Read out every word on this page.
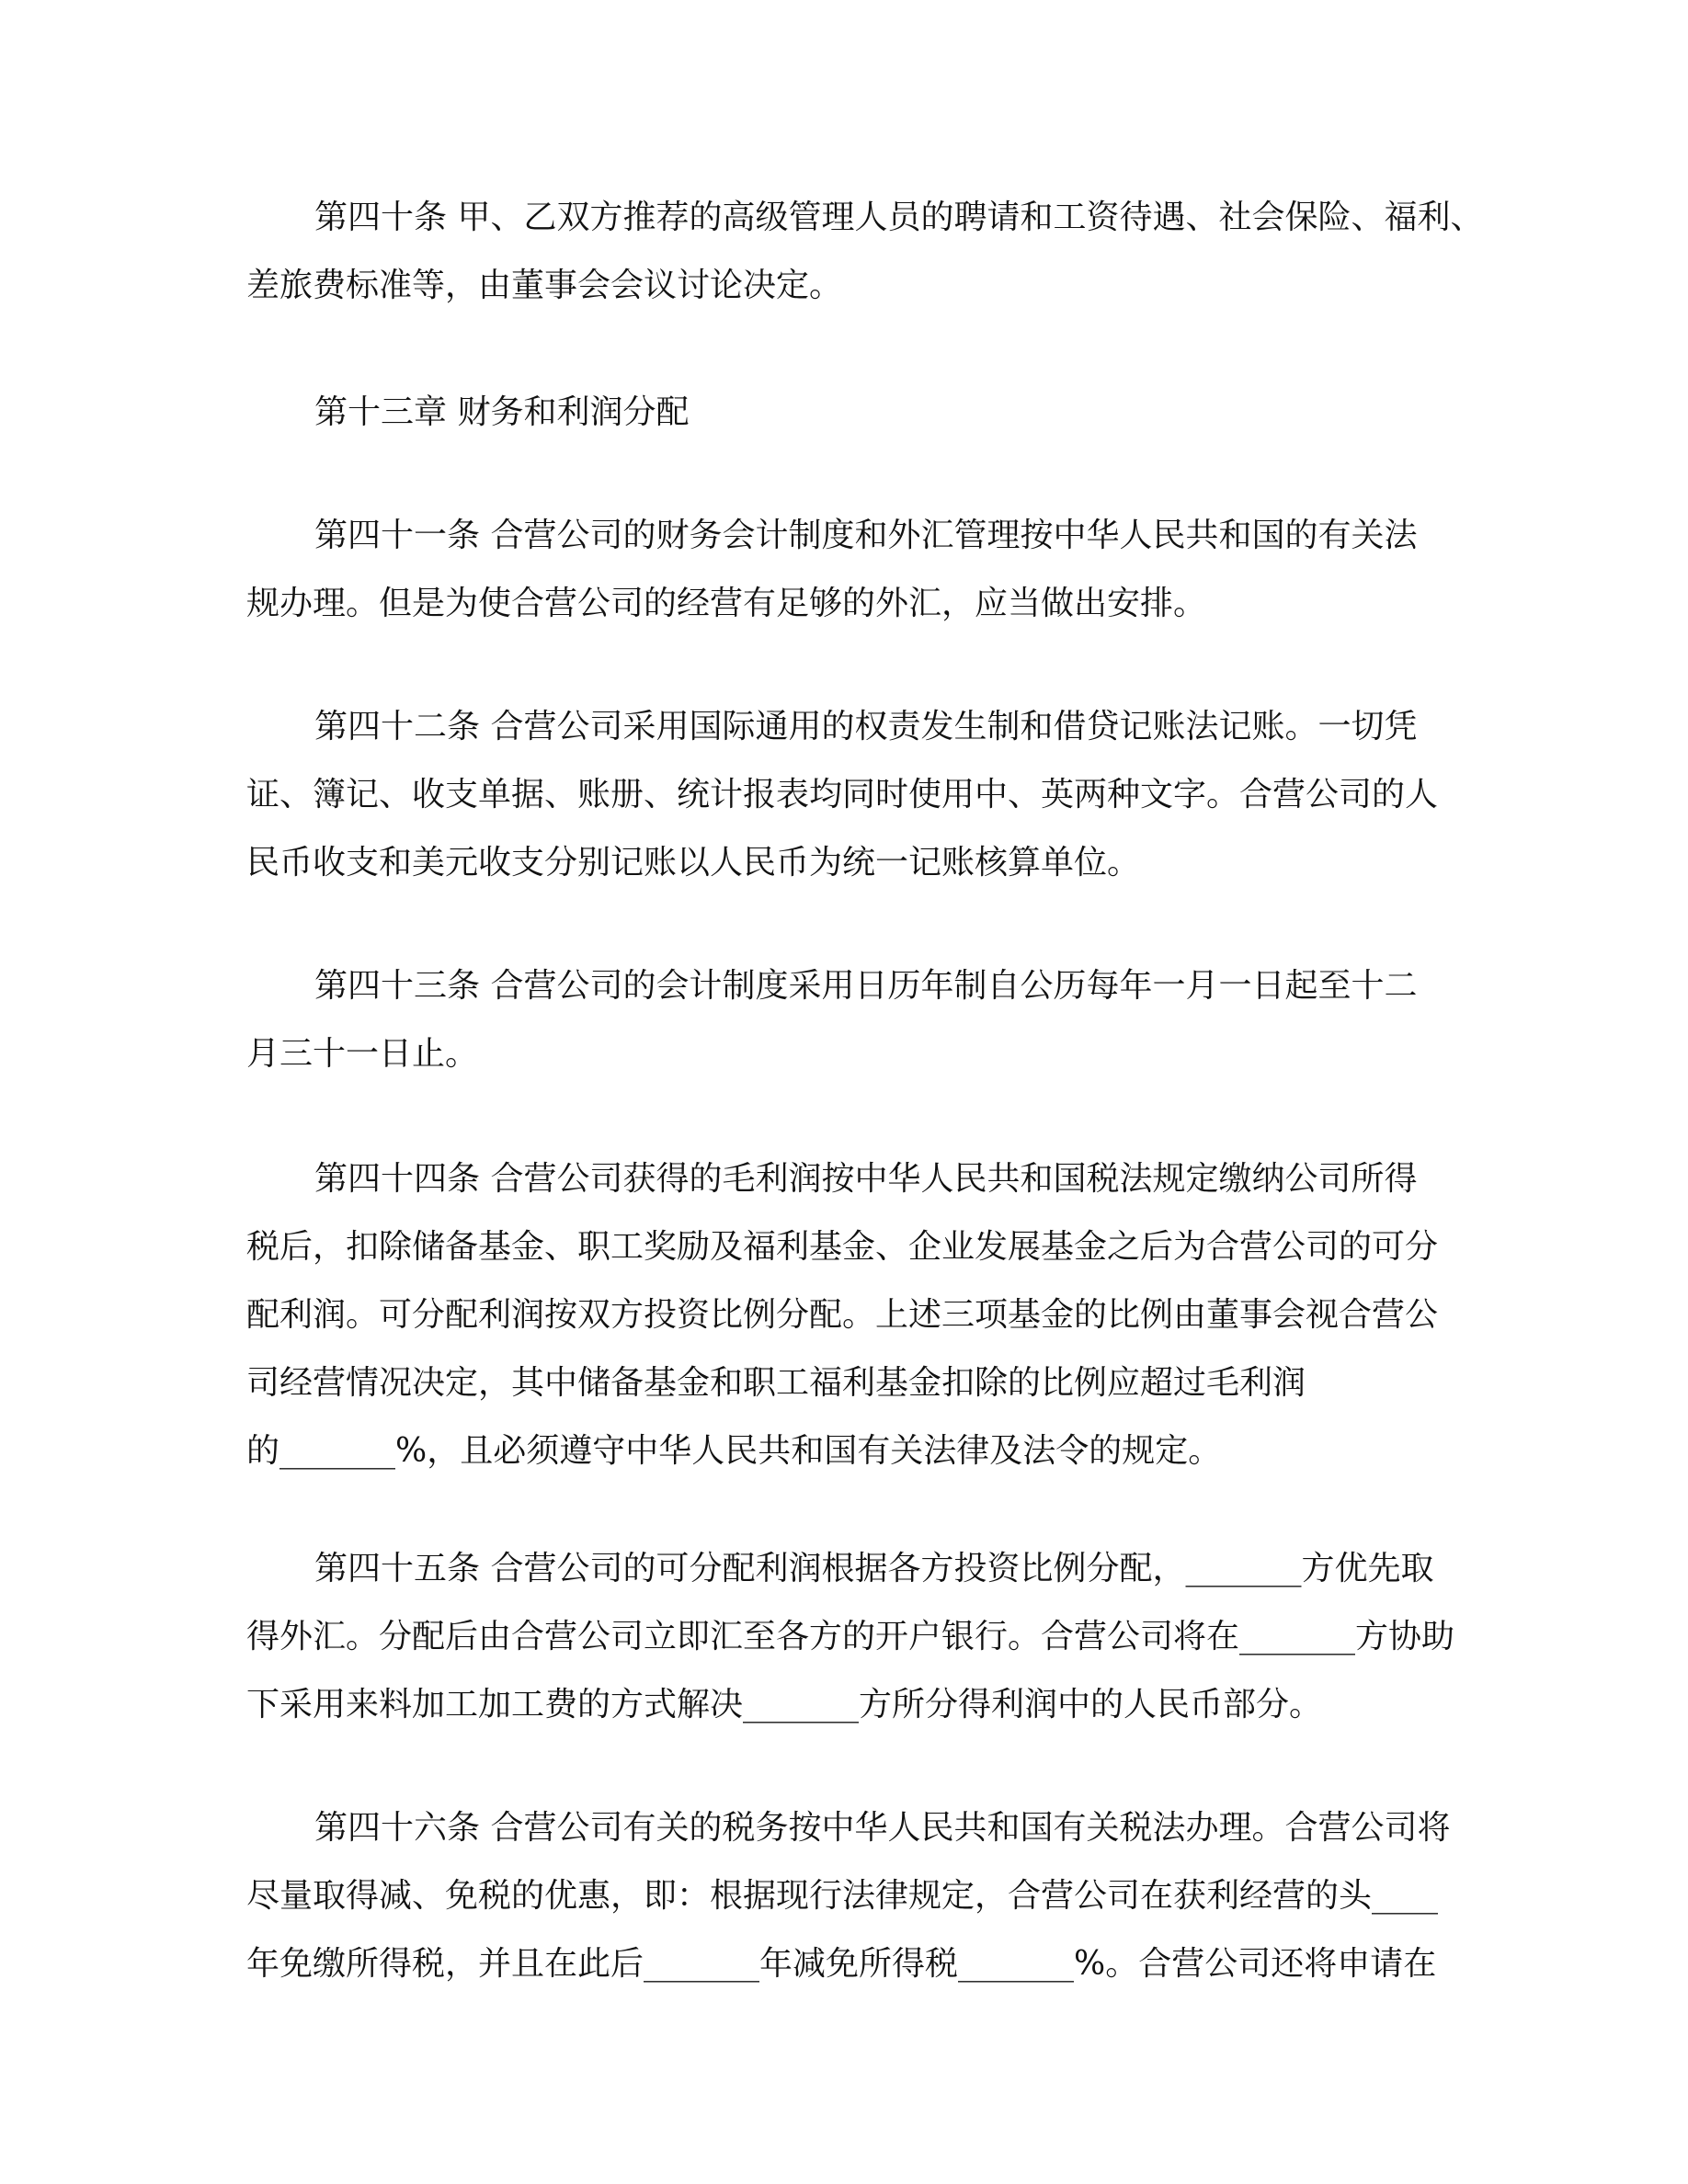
第四十条 甲、乙双方推荐的高级管理人员的聘请和工资待遇、社会保险、福利、
差旅费标准等，由董事会会议讨论决定。
第十三章 财务和利润分配
第四十一条 合营公司的财务会计制度和外汇管理按中华人民共和国的有关法
规办理。但是为使合营公司的经营有足够的外汇，应当做出安排。
第四十二条 合营公司采用国际通用的权责发生制和借贷记账法记账。一切凭
证、簿记、收支单据、账册、统计报表均同时使用中、英两种文字。合营公司的人
民币收支和美元收支分别记账以人民币为统一记账核算单位。
第四十三条 合营公司的会计制度采用日历年制自公历每年一月一日起至十二
月三十一日止。
第四十四条 合营公司获得的毛利润按中华人民共和国税法规定缴纳公司所得
税后，扣除储备基金、职工奖励及福利基金、企业发展基金之后为合营公司的可分
配利润。可分配利润按双方投资比例分配。上述三项基金的比例由董事会视合营公
司经营情况决定，其中储备基金和职工福利基金扣除的比例应超过毛利润
的_______%，且必须遵守中华人民共和国有关法律及法令的规定。
第四十五条 合营公司的可分配利润根据各方投资比例分配，_______方优先取
得外汇。分配后由合营公司立即汇至各方的开户银行。合营公司将在_______方协助
下采用来料加工加工费的方式解决_______方所分得利润中的人民币部分。
第四十六条 合营公司有关的税务按中华人民共和国有关税法办理。合营公司将
尽量取得减、免税的优惠，即：根据现行法律规定，合营公司在获利经营的头____
年免缴所得税，并且在此后_______年减免所得税_______%。合营公司还将申请在
